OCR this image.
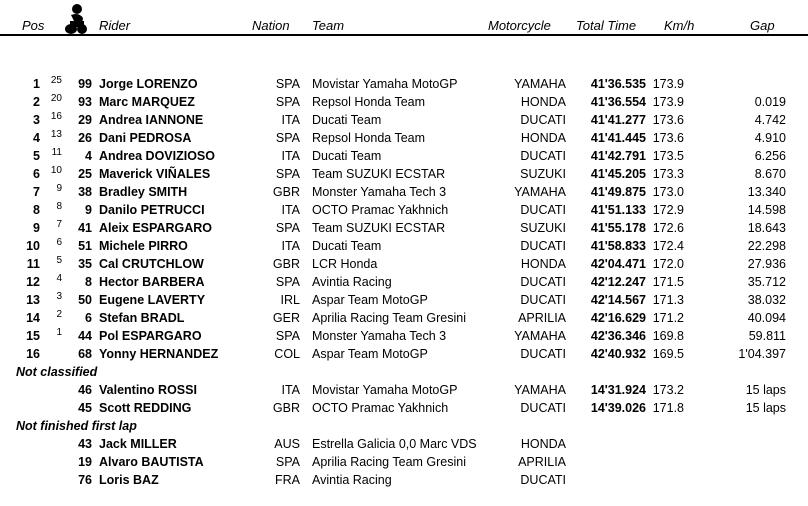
Pos	Rider	Nation Team	Motorcycle Total Time Km/h	Gap
1	25	99 Jorge LORENZO	SPA Movistar Yamaha MotoGP	YAMAHA	41'36.535 173.9
2	20	93 Marc MARQUEZ	SPA Repsol Honda Team	HONDA	41'36.554 173.9	0.019
3	16	29 Andrea IANNONE	ITA Ducati Team	DUCATI	41'41.277 173.6	4.742
4	13	26 Dani PEDROSA	SPA Repsol Honda Team	HONDA	41'41.445 173.6	4.910
5	11	4 Andrea DOVIZIOSO	ITA Ducati Team	DUCATI	41'42.791 173.5	6.256
6	10	25 Maverick VIÑALES	SPA Team SUZUKI ECSTAR	SUZUKI	41'45.205 173.3	8.670
7	9	38 Bradley SMITH	GBR Monster Yamaha Tech 3	YAMAHA	41'49.875 173.0	13.340
8	8	9 Danilo PETRUCCI	ITA OCTO Pramac Yakhnich	DUCATI	41'51.133 172.9	14.598
9	7	41 Aleix ESPARGARO	SPA Team SUZUKI ECSTAR	SUZUKI	41'55.178 172.6	18.643
10	6	51 Michele PIRRO	ITA Ducati Team	DUCATI	41'58.833 172.4	22.298
11	5	35 Cal CRUTCHLOW	GBR LCR Honda	HONDA	42'04.471 172.0	27.936
12	4	8 Hector BARBERA	SPA Avintia Racing	DUCATI	42'12.247 171.5	35.712
13	3	50 Eugene LAVERTY	IRL Aspar Team MotoGP	DUCATI	42'14.567 171.3	38.032
14	2	6 Stefan BRADL	GER Aprilia Racing Team Gresini	APRILIA	42'16.629 171.2	40.094
15	1	44 Pol ESPARGARO	SPA Monster Yamaha Tech 3	YAMAHA	42'36.346 169.8	59.811
16	68 Yonny HERNANDEZ	COL Aspar Team MotoGP	DUCATI	42'40.932 169.5	1'04.397
Not classified
46 Valentino ROSSI	ITA Movistar Yamaha MotoGP	YAMAHA	14'31.924 173.2	15 laps
45 Scott REDDING	GBR OCTO Pramac Yakhnich	DUCATI	14'39.026 171.8	15 laps
Not finished first lap
43 Jack MILLER	AUS Estrella Galicia 0,0 Marc VDS	HONDA
19 Alvaro BAUTISTA	SPA Aprilia Racing Team Gresini	APRILIA
76 Loris BAZ	FRA Avintia Racing	DUCATI
